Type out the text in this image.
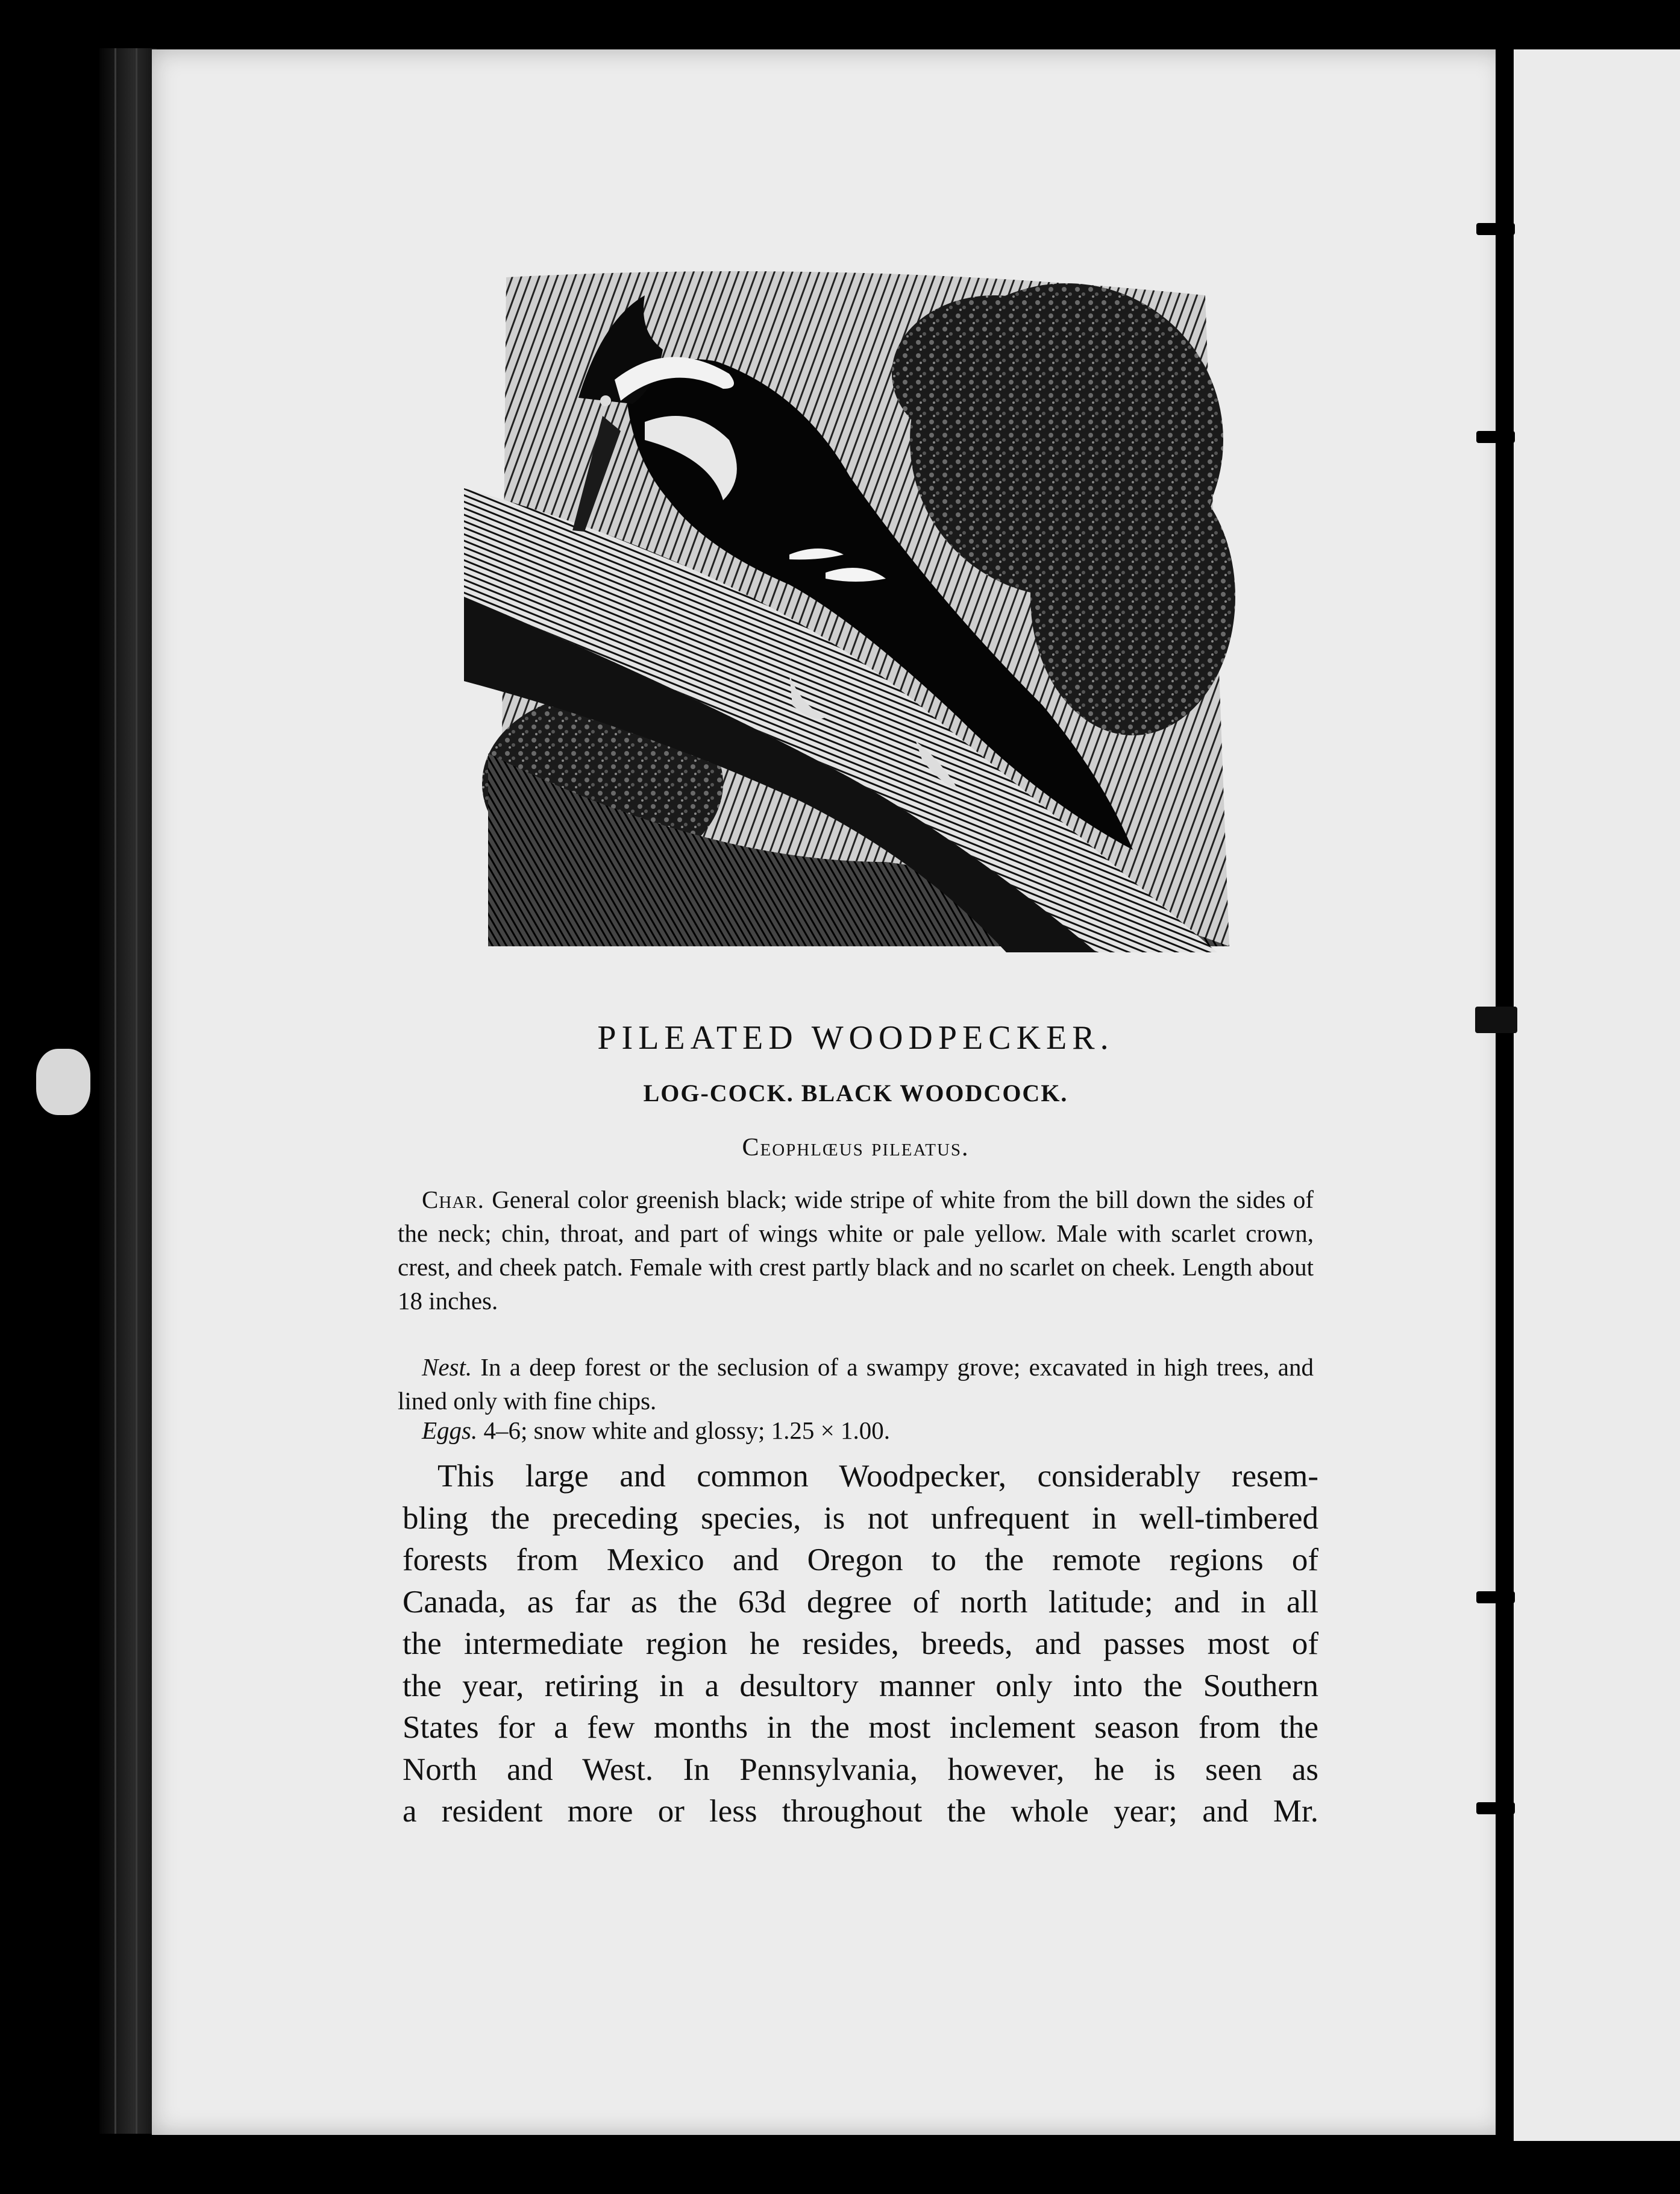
PILEATED WOODPECKER.
LOG-COCK. BLACK WOODCOCK.
Ceophlœus pileatus.
Char. General color greenish black; wide stripe of white from the bill down the sides of the neck; chin, throat, and part of wings white or pale yellow. Male with scarlet crown, crest, and cheek patch. Female with crest partly black and no scarlet on cheek. Length about 18 inches.
Nest. In a deep forest or the seclusion of a swampy grove; excavated in high trees, and lined only with fine chips.
Eggs. 4–6; snow white and glossy; 1.25 × 1.00.
This large and common Woodpecker, considerably resem-
bling the preceding species, is not unfrequent in well-timbered
forests from Mexico and Oregon to the remote regions of
Canada, as far as the 63d degree of north latitude; and in all
the intermediate region he resides, breeds, and passes most of
the year, retiring in a desultory manner only into the Southern
States for a few months in the most inclement season from the
North and West. In Pennsylvania, however, he is seen as
a resident more or less throughout the whole year; and Mr.
